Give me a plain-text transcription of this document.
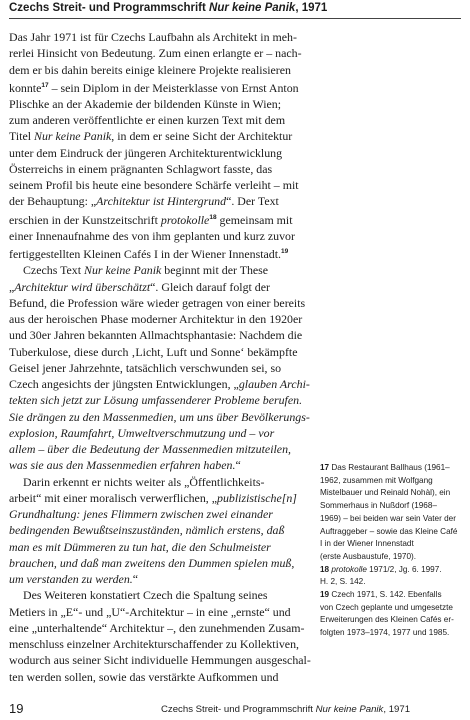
Czechs Streit- und Programmschrift Nur keine Panik, 1971

Das Jahr 1971 ist für Czechs Laufbahn als Architekt in meh-
rerlei Hinsicht von Bedeutung. Zum einen erlangte er – nach-
dem er bis dahin bereits einige kleinere Projekte realisieren
konnte$^{17}$ – sein Diplom in der Meisterklasse von Ernst Anton
Plischke an der Akademie der bildenden Künste in Wien;
zum anderen veröffentlichte er einen kurzen Text mit dem
Titel Nur keine Panik, in dem er seine Sicht der Architektur
unter dem Eindruck der jüngeren Architekturentwicklung
Österreichs in einem prägnanten Schlagwort fasste, das
seinem Profil bis heute eine besondere Schärfe verleiht – mit
der Behauptung: „Architektur ist Hintergrund“. Der Text
erschien in der Kunstzeitschrift protokolle$^{18}$ gemeinsam mit
einer Innenaufnahme des von ihm geplanten und kurz zuvor
fertiggestellten Kleinen Cafés I in der Wiener Innenstadt.$^{19}$

Czechs Text Nur keine Panik beginnt mit der These
„Architektur wird überschätzt“. Gleich darauf folgt der
Befund, die Profession wäre wieder getragen von einer bereits
aus der heroischen Phase moderner Architektur in den 1920er
und 30er Jahren bekannten Allmachtsphantasie: Nachdem die
Tuberkulose, diese durch ‚Licht, Luft und Sonne‘ bekämpfte
Geisel jener Jahrzehnte, tatsächlich verschwunden sei, so
Czech angesichts der jüngsten Entwicklungen, „glauben Archi-
tekten sich jetzt zur Lösung umfassenderer Probleme berufen.
Sie drängen zu den Massenmedien, um uns über Bevölkerungs-
explosion, Raumfahrt, Umweltverschmutzung und – vor
allem – über die Bedeutung der Massenmedien mitzuteilen,
was sie aus den Massenmedien erfahren haben.“

Darin erkennt er nichts weiter als „Öffentlichkeits-
arbeit“ mit einer moralisch verwerflichen, „publizistische[n]
Grundhaltung: jenes Flimmern zwischen zwei einander
bedingenden Bewußtseinszuständen, nämlich erstens, daß
man es mit Dümmeren zu tun hat, die den Schulmeister
brauchen, und daß man zweitens den Dummen spielen muß,
um verstanden zu werden.“

Des Weiteren konstatiert Czech die Spaltung seines
Metiers in „E“- und „U“-Architektur – in eine „ernste“ und
eine „unterhaltende“ Architektur –, den zunehmenden Zusam-
menschluss einzelner Architekturschaffender zu Kollektiven,
wodurch aus seiner Sicht individuelle Hemmungen ausgeschal-
ten werden sollen, sowie das verstärkte Aufkommen und

17 Das Restaurant Ballhaus (1961–
1962, zusammen mit Wolfgang
Mistelbauer und Reinald Nohàl), ein
Sommerhaus in Nußdorf (1968–
1969) – bei beiden war sein Vater der
Auftraggeber – sowie das Kleine Café
I in der Wiener Innenstadt
(erste Ausbaustufe, 1970).

18 protokolle 1971/2, Jg. 6. 1997.
H. 2, S. 142.

19 Czech 1971, S. 142. Ebenfalls
von Czech geplante und umgesetzte
Erweiterungen des Kleinen Cafés er-
folgten 1973–1974, 1977 und 1985.

19	Czechs Streit- und Programmschrift Nur keine Panik, 1971
